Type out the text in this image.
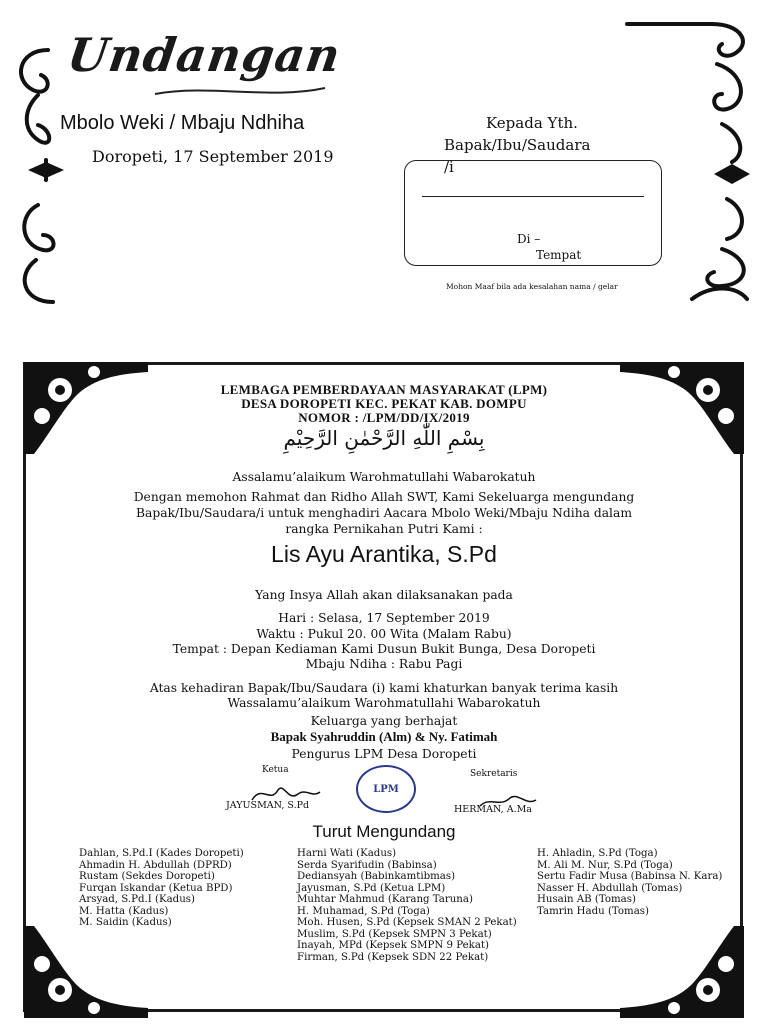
Undangan
Mbolo Weki / Mbaju Ndhiha
Doropeti, 17 September 2019
Kepada Yth.
Bapak/Ibu/Saudara
/i
Di –
Tempat
Mohon Maaf bila ada kesalahan nama / gelar
LEMBAGA PEMBERDAYAAN MASYARAKAT (LPM)
DESA DOROPETI KEC. PEKAT KAB. DOMPU
NOMOR : /LPM/DD/IX/2019
بِسْمِ اللّٰهِ الرَّحْمٰنِ الرَّحِيْمِ
Assalamu’alaikum Warohmatullahi Wabarokatuh
Dengan memohon Rahmat dan Ridho Allah SWT, Kami Sekeluarga mengundang
Bapak/Ibu/Saudara/i untuk menghadiri Aacara Mbolo Weki/Mbaju Ndiha dalam
rangka Pernikahan Putri Kami :
Lis Ayu Arantika, S.Pd
Yang Insya Allah akan dilaksanakan pada
Hari : Selasa, 17 September 2019
Waktu : Pukul 20. 00 Wita (Malam Rabu)
Tempat : Depan Kediaman Kami Dusun Bukit Bunga, Desa Doropeti
Mbaju Ndiha : Rabu Pagi
Atas kehadiran Bapak/Ibu/Saudara (i) kami khaturkan banyak terima kasih
Wassalamu’alaikum Warohmatullahi Wabarokatuh
Keluarga yang berhajat
Bapak Syahruddin (Alm) & Ny. Fatimah
Pengurus LPM Desa Doropeti
Ketua
JAYUSMAN, S.Pd
LPM
Sekretaris
HERMAN, A.Ma
Turut Mengundang
Dahlan, S.Pd.I (Kades Doropeti)
Ahmadin H. Abdullah (DPRD)
Rustam (Sekdes Doropeti)
Furqan Iskandar (Ketua BPD)
Arsyad, S.Pd.I (Kadus)
M. Hatta (Kadus)
M. Saidin (Kadus)
Harni Wati (Kadus)
Serda Syarifudin (Babinsa)
Dediansyah (Babinkamtibmas)
Jayusman, S.Pd (Ketua LPM)
Muhtar Mahmud (Karang Taruna)
H. Muhamad, S.Pd (Toga)
Moh. Husen, S.Pd (Kepsek SMAN 2 Pekat)
Muslim, S.Pd (Kepsek SMPN 3 Pekat)
Inayah, MPd (Kepsek SMPN 9 Pekat)
Firman, S.Pd (Kepsek SDN 22 Pekat)
H. Ahladin, S.Pd (Toga)
M. Ali M. Nur, S.Pd (Toga)
Sertu Fadir Musa (Babinsa N. Kara)
Nasser H. Abdullah (Tomas)
Husain AB (Tomas)
Tamrin Hadu (Tomas)
